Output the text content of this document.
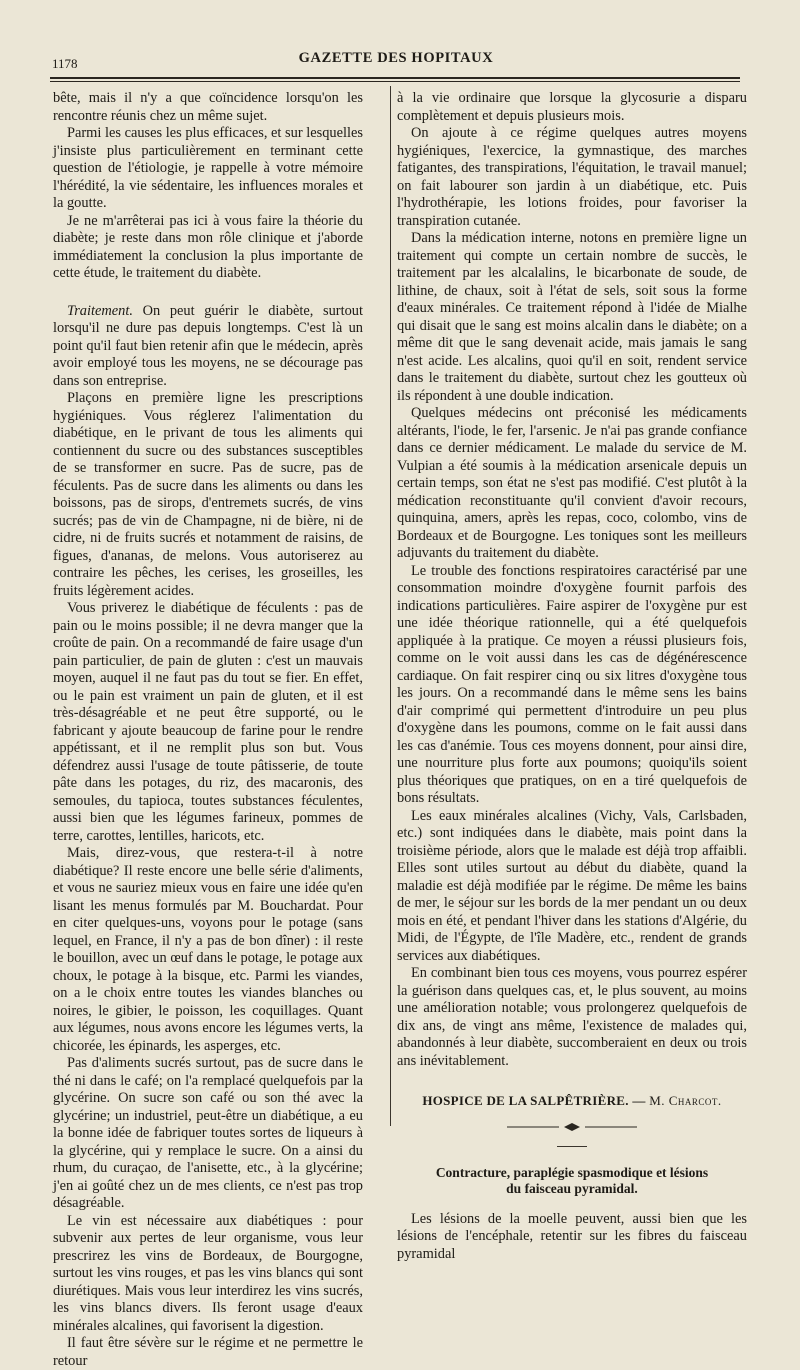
1178	GAZETTE DES HOPITAUX

bête, mais il n'y a que coïncidence lorsqu'on les rencontre réunis chez un même sujet.

Parmi les causes les plus efficaces, et sur lesquelles j'insiste plus particulièrement en terminant cette question de l'étiologie, je rappelle à votre mémoire l'hérédité, la vie sédentaire, les influences morales et la goutte.

Je ne m'arrêterai pas ici à vous faire la théorie du diabète; je reste dans mon rôle clinique et j'aborde immédiatement la conclusion la plus importante de cette étude, le traitement du diabète.

Traitement. On peut guérir le diabète, surtout lorsqu'il ne dure pas depuis longtemps. C'est là un point qu'il faut bien retenir afin que le médecin, après avoir employé tous les moyens, ne se décourage pas dans son entreprise.

Plaçons en première ligne les prescriptions hygiéniques. Vous réglerez l'alimentation du diabétique, en le privant de tous les aliments qui contiennent du sucre ou des substances susceptibles de se transformer en sucre. Pas de sucre, pas de féculents. Pas de sucre dans les aliments ou dans les boissons, pas de sirops, d'entremets sucrés, de vins sucrés; pas de vin de Champagne, ni de bière, ni de cidre, ni de fruits sucrés et notamment de raisins, de figues, d'ananas, de melons. Vous autoriserez au contraire les pêches, les cerises, les groseilles, les fruits légèrement acides.

Vous priverez le diabétique de féculents : pas de pain ou le moins possible; il ne devra manger que la croûte de pain. On a recommandé de faire usage d'un pain particulier, de pain de gluten : c'est un mauvais moyen, auquel il ne faut pas du tout se fier. En effet, ou le pain est vraiment un pain de gluten, et il est très-désagréable et ne peut être supporté, ou le fabricant y ajoute beaucoup de farine pour le rendre appétissant, et il ne remplit plus son but. Vous défendrez aussi l'usage de toute pâtisserie, de toute pâte dans les potages, du riz, des macaronis, des semoules, du tapioca, toutes substances féculentes, aussi bien que les légumes farineux, pommes de terre, carottes, lentilles, haricots, etc.

Mais, direz-vous, que restera-t-il à notre diabétique? Il reste encore une belle série d'aliments, et vous ne sauriez mieux vous en faire une idée qu'en lisant les menus formulés par M. Bouchardat. Pour en citer quelques-uns, voyons pour le potage (sans lequel, en France, il n'y a pas de bon dîner) : il reste le bouillon, avec un œuf dans le potage, le potage aux choux, le potage à la bisque, etc. Parmi les viandes, on a le choix entre toutes les viandes blanches ou noires, le gibier, le poisson, les coquillages. Quant aux légumes, nous avons encore les légumes verts, la chicorée, les épinards, les asperges, etc.

Pas d'aliments sucrés surtout, pas de sucre dans le thé ni dans le café; on l'a remplacé quelquefois par la glycérine. On sucre son café ou son thé avec la glycérine; un industriel, peut-être un diabétique, a eu la bonne idée de fabriquer toutes sortes de liqueurs à la glycérine, qui y remplace le sucre. On a ainsi du rhum, du curaçao, de l'anisette, etc., à la glycérine; j'en ai goûté chez un de mes clients, ce n'est pas trop désagréable.

Le vin est nécessaire aux diabétiques : pour subvenir aux pertes de leur organisme, vous leur prescrirez les vins de Bordeaux, de Bourgogne, surtout les vins rouges, et pas les vins blancs qui sont diurétiques. Mais vous leur interdirez les vins sucrés, les vins blancs divers. Ils feront usage d'eaux minérales alcalines, qui favorisent la digestion.

Il faut être sévère sur le régime et ne permettre le retour

à la vie ordinaire que lorsque la glycosurie a disparu complètement et depuis plusieurs mois.

On ajoute à ce régime quelques autres moyens hygiéniques, l'exercice, la gymnastique, des marches fatigantes, des transpirations, l'équitation, le travail manuel; on fait labourer son jardin à un diabétique, etc. Puis l'hydrothérapie, les lotions froides, pour favoriser la transpiration cutanée.

Dans la médication interne, notons en première ligne un traitement qui compte un certain nombre de succès, le traitement par les alcalalins, le bicarbonate de soude, de lithine, de chaux, soit à l'état de sels, soit sous la forme d'eaux minérales. Ce traitement répond à l'idée de Mialhe qui disait que le sang est moins alcalin dans le diabète; on a même dit que le sang devenait acide, mais jamais le sang n'est acide. Les alcalins, quoi qu'il en soit, rendent service dans le traitement du diabète, surtout chez les goutteux où ils répondent à une double indication.

Quelques médecins ont préconisé les médicaments altérants, l'iode, le fer, l'arsenic. Je n'ai pas grande confiance dans ce dernier médicament. Le malade du service de M. Vulpian a été soumis à la médication arsenicale depuis un certain temps, son état ne s'est pas modifié. C'est plutôt à la médication reconstituante qu'il convient d'avoir recours, quinquina, amers, après les repas, coco, colombo, vins de Bordeaux et de Bourgogne. Les toniques sont les meilleurs adjuvants du traitement du diabète.

Le trouble des fonctions respiratoires caractérisé par une consommation moindre d'oxygène fournit parfois des indications particulières. Faire aspirer de l'oxygène pur est une idée théorique rationnelle, qui a été quelquefois appliquée à la pratique. Ce moyen a réussi plusieurs fois, comme on le voit aussi dans les cas de dégénérescence cardiaque. On fait respirer cinq ou six litres d'oxygène tous les jours. On a recommandé dans le même sens les bains d'air comprimé qui permettent d'introduire un peu plus d'oxygène dans les poumons, comme on le fait aussi dans les cas d'anémie. Tous ces moyens donnent, pour ainsi dire, une nourriture plus forte aux poumons; quoiqu'ils soient plus théoriques que pratiques, on en a tiré quelquefois de bons résultats.

Les eaux minérales alcalines (Vichy, Vals, Carlsbaden, etc.) sont indiquées dans le diabète, mais point dans la troisième période, alors que le malade est déjà trop affaibli. Elles sont utiles surtout au début du diabète, quand la maladie est déjà modifiée par le régime. De même les bains de mer, le séjour sur les bords de la mer pendant un ou deux mois en été, et pendant l'hiver dans les stations d'Algérie, du Midi, de l'Égypte, de l'île Madère, etc., rendent de grands services aux diabétiques.

En combinant bien tous ces moyens, vous pourrez espérer la guérison dans quelques cas, et, le plus souvent, au moins une amélioration notable; vous prolongerez quelquefois de dix ans, de vingt ans même, l'existence de malades qui, abandonnés à leur diabète, succomberaient en deux ou trois ans inévitablement.

HOSPICE DE LA SALPÊTRIÈRE. — M. Charcot.
Contracture, paraplégie spasmodique et lésions
du faisceau pyramidal.

Les lésions de la moelle peuvent, aussi bien que les lésions de l'encéphale, retentir sur les fibres du faisceau pyramidal
